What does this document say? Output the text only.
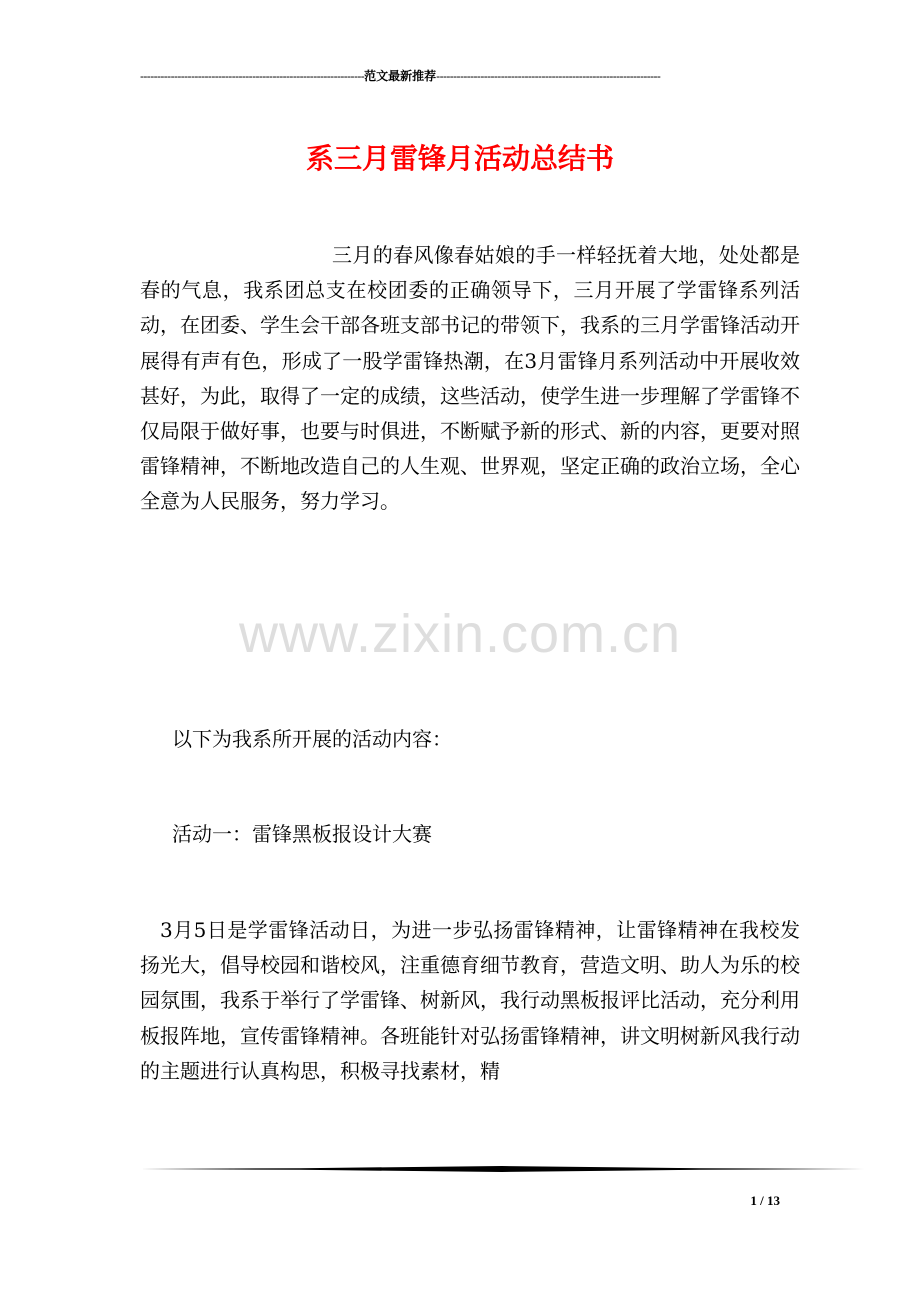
------------------------------------------------------------------范文最新推荐------------------------------------------------------------------
系三月雷锋月活动总结书

三月的春风像春姑娘的手一样轻抚着大地，处处都是春的气息，我系团总支在校团委的正确领导下，三月开展了学雷锋系列活动，在团委、学生会干部各班支部书记的带领下，我系的三月学雷锋活动开展得有声有色，形成了一股学雷锋热潮，在3月雷锋月系列活动中开展收效甚好，为此，取得了一定的成绩，这些活动，使学生进一步理解了学雷锋不仅局限于做好事，也要与时俱进，不断赋予新的形式、新的内容，更要对照雷锋精神，不断地改造自己的人生观、世界观，坚定正确的政治立场，全心全意为人民服务，努力学习。

www.zixin.com.cn

以下为我系所开展的活动内容：

活动一：雷锋黑板报设计大赛

3月5日是学雷锋活动日，为进一步弘扬雷锋精神，让雷锋精神在我校发扬光大，倡导校园和谐校风，注重德育细节教育，营造文明、助人为乐的校园氛围，我系于举行了学雷锋、树新风，我行动黑板报评比活动，充分利用板报阵地，宣传雷锋精神。各班能针对弘扬雷锋精神，讲文明树新风我行动的主题进行认真构思，积极寻找素材，精

1 / 13
